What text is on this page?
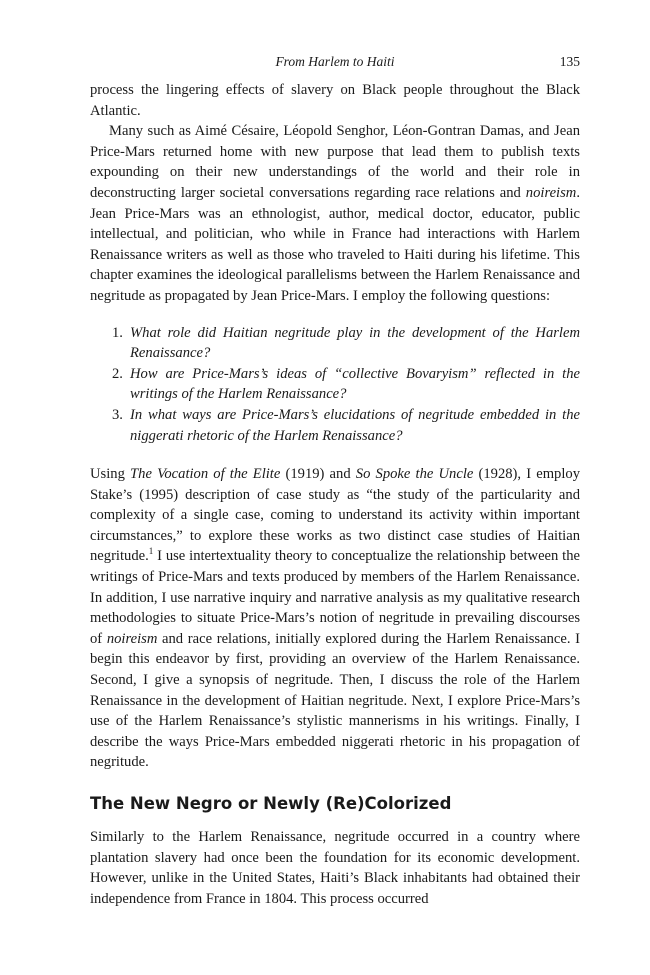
From Harlem to Haiti	135

process the lingering effects of slavery on Black people throughout the Black Atlantic.

Many such as Aimé Césaire, Léopold Senghor, Léon-Gontran Damas, and Jean Price-Mars returned home with new purpose that lead them to publish texts expounding on their new understandings of the world and their role in deconstructing larger societal conversations regarding race relations and noireism. Jean Price-Mars was an ethnologist, author, medical doctor, educator, public intellectual, and politician, who while in France had interactions with Harlem Renaissance writers as well as those who traveled to Haiti during his lifetime. This chapter examines the ideological parallelisms between the Harlem Renaissance and negritude as propagated by Jean Price-Mars. I employ the following questions:

1. What role did Haitian negritude play in the development of the Harlem Renaissance?
2. How are Price-Mars’s ideas of “collective Bovaryism” reflected in the writings of the Harlem Renaissance?
3. In what ways are Price-Mars’s elucidations of negritude embedded in the niggerati rhetoric of the Harlem Renaissance?

Using The Vocation of the Elite (1919) and So Spoke the Uncle (1928), I employ Stake’s (1995) description of case study as “the study of the particularity and complexity of a single case, coming to understand its activity within important circumstances,” to explore these works as two distinct case studies of Haitian negritude.$^1$ I use intertextuality theory to conceptualize the relationship between the writings of Price-Mars and texts produced by members of the Harlem Renaissance. In addition, I use narrative inquiry and narrative analysis as my qualitative research methodologies to situate Price-Mars’s notion of negritude in prevailing discourses of noireism and race relations, initially explored during the Harlem Renaissance. I begin this endeavor by first, providing an overview of the Harlem Renaissance. Second, I give a synopsis of negritude. Then, I discuss the role of the Harlem Renaissance in the development of Haitian negritude. Next, I explore Price-Mars’s use of the Harlem Renaissance’s stylistic mannerisms in his writings. Finally, I describe the ways Price-Mars embedded niggerati rhetoric in his propagation of negritude.

The New Negro or Newly (Re)Colorized

Similarly to the Harlem Renaissance, negritude occurred in a country where plantation slavery had once been the foundation for its economic development. However, unlike in the United States, Haiti’s Black inhabitants had obtained their independence from France in 1804. This process occurred
